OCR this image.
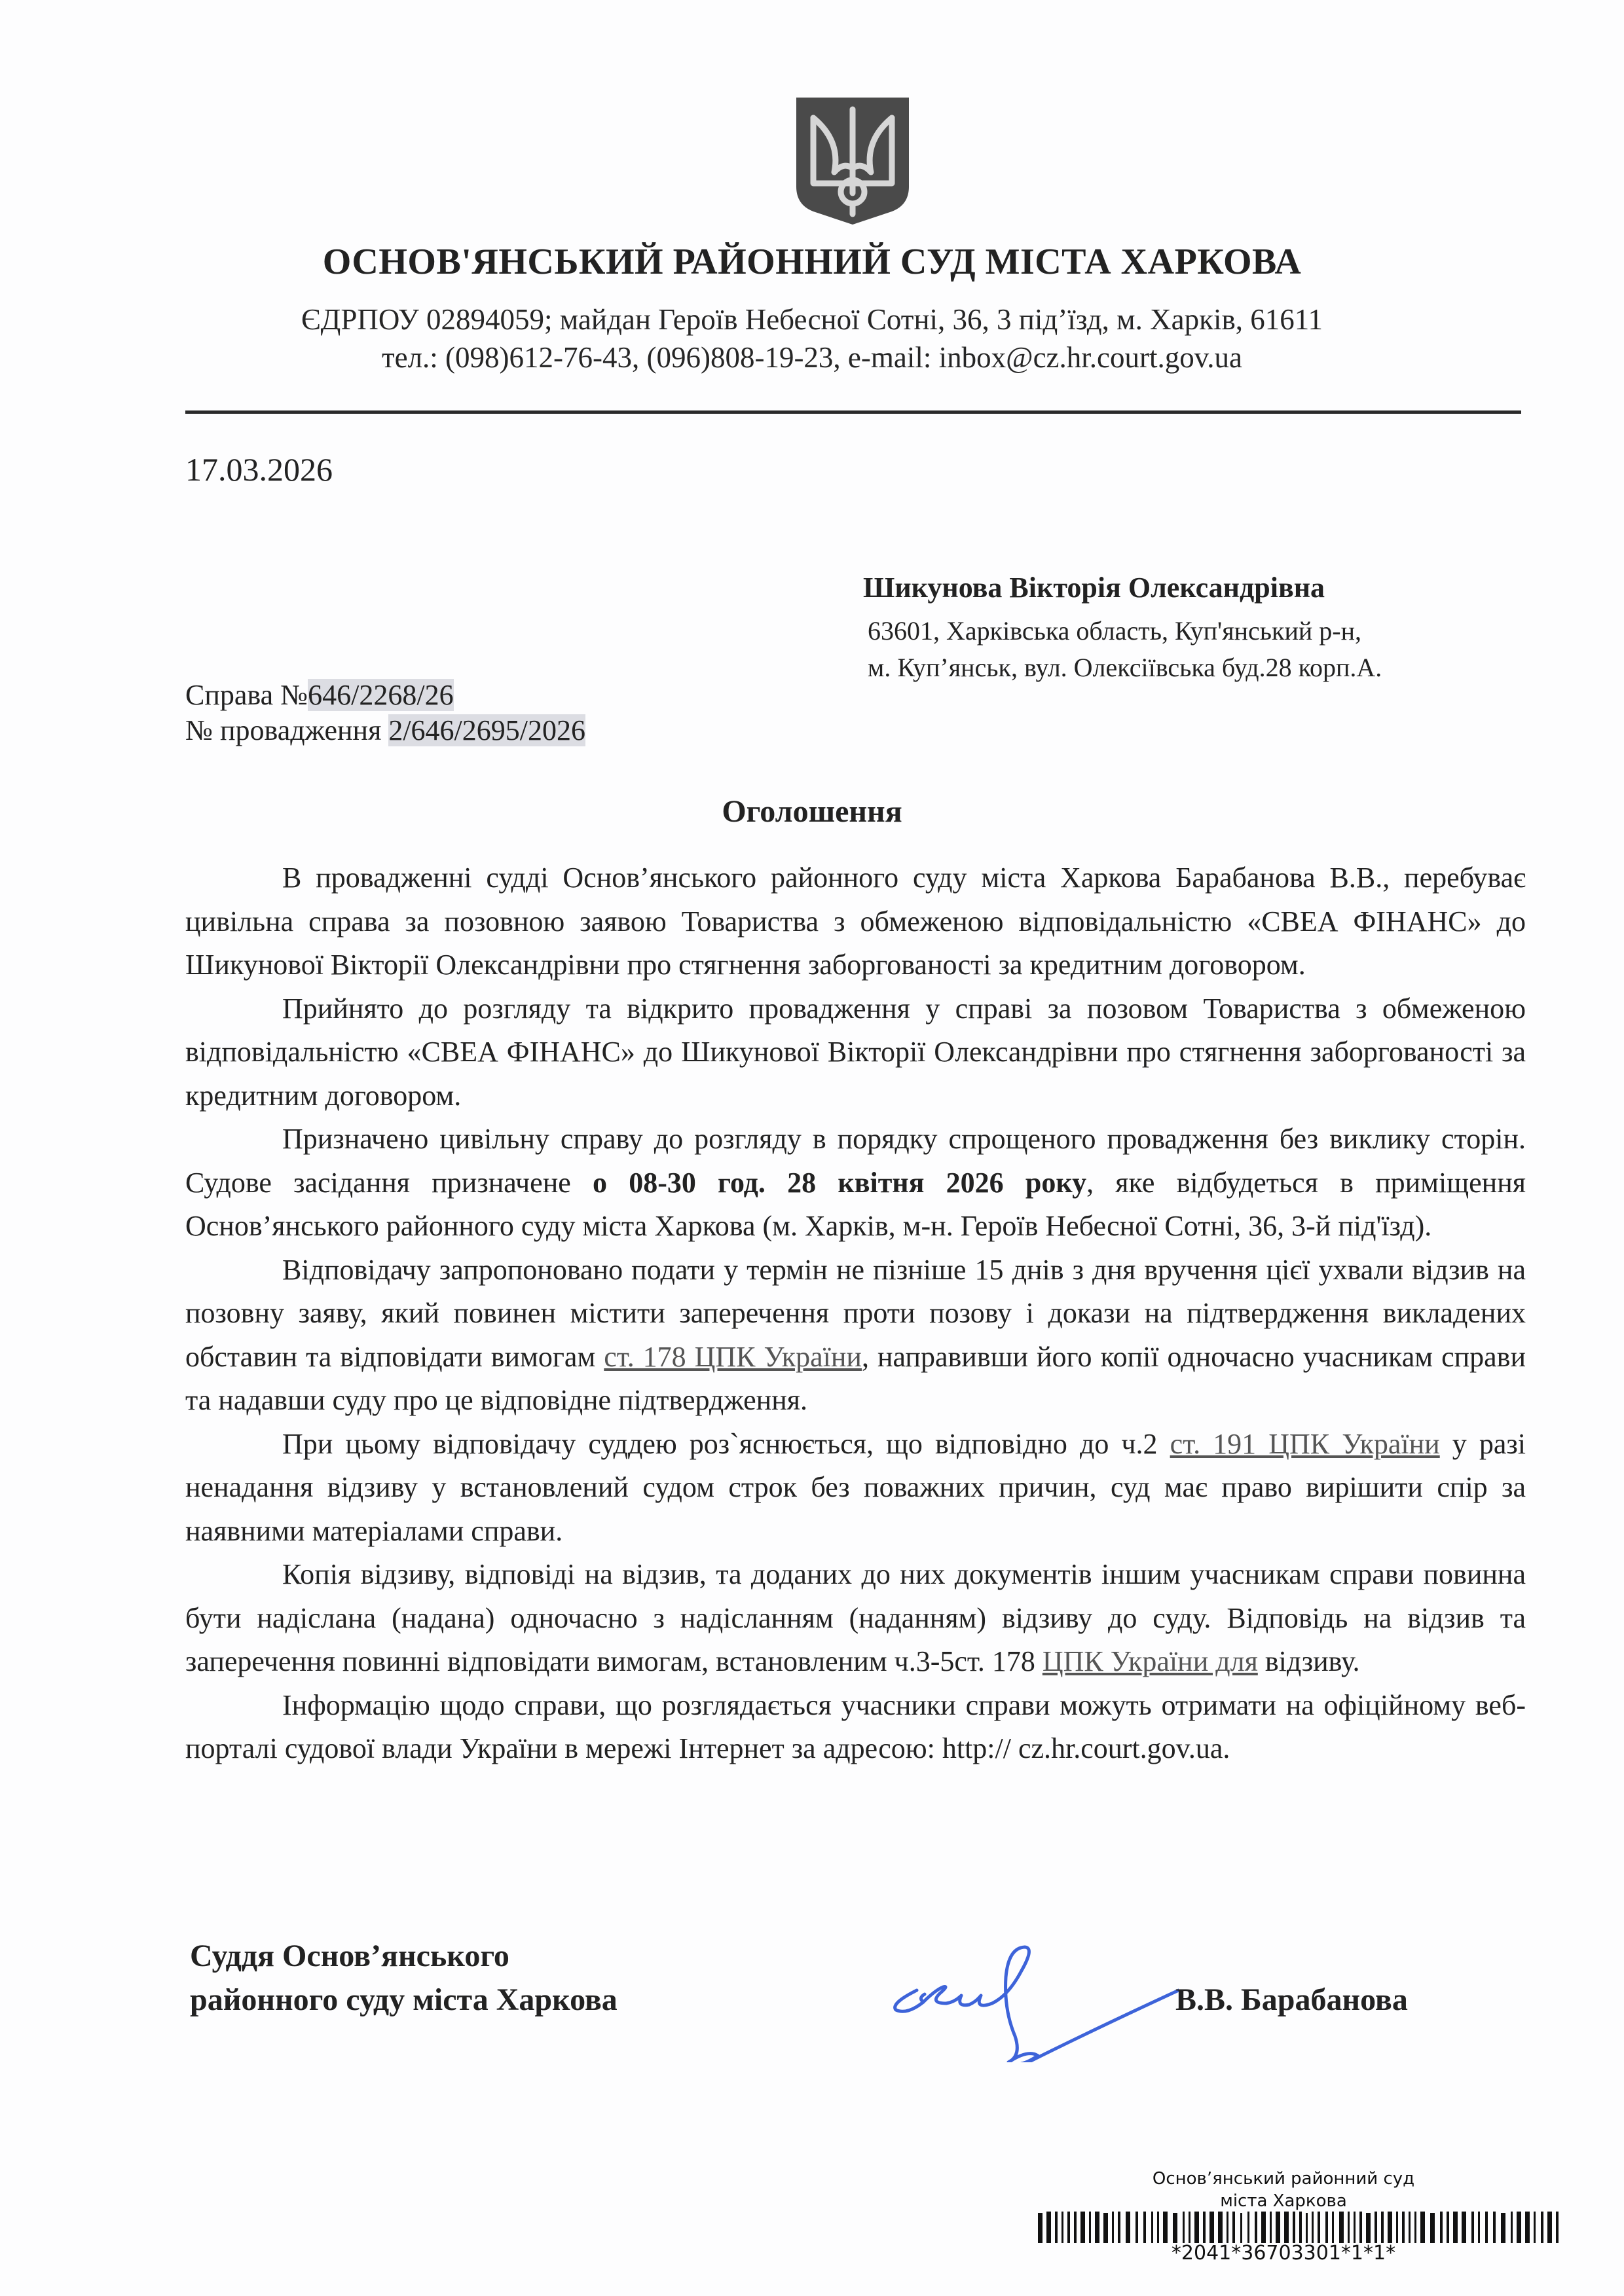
ОСНОВ'ЯНСЬКИЙ РАЙОННИЙ СУД МІСТА ХАРКОВА
ЄДРПОУ 02894059; майдан Героїв Небесної Сотні, 36, 3 під’їзд, м. Харків, 61611
тел.: (098)612-76-43, (096)808-19-23, e-mail: inbox@cz.hr.court.gov.ua
17.03.2026
Шикунова Вікторія Олександрівна
63601, Харківська область, Куп'янський р-н,
м. Куп’янськ, вул. Олексіївська буд.28 корп.А.
Справа №646/2268/26
№ провадження 2/646/2695/2026
Оголошення

В провадженні судді Основ’янського районного суду міста Харкова Барабанова В.В., перебуває цивільна справа за позовною заявою Товариства з обмеженою відповідальністю «СВЕА ФІНАНС» до Шикунової Вікторії Олександрівни про стягнення заборгованості за кредитним договором.

Прийнято до розгляду та відкрито провадження у справі за позовом Товариства з обмеженою відповідальністю «СВЕА ФІНАНС» до Шикунової Вікторії Олександрівни про стягнення заборгованості за кредитним договором.

Призначено цивільну справу до розгляду в порядку спрощеного провадження без виклику сторін. Судове засідання призначене о 08-30 год. 28 квітня 2026 року, яке відбудеться в приміщення Основ’янського районного суду міста Харкова (м. Харків, м-н. Героїв Небесної Сотні, 36, 3-й під'їзд).

Відповідачу запропоновано подати у термін не пізніше 15 днів з дня вручення цієї ухвали відзив на позовну заяву, який повинен містити заперечення проти позову і докази на підтвердження викладених обставин та відповідати вимогам ст. 178 ЦПК України, направивши його копії одночасно учасникам справи та надавши суду про це відповідне підтвердження.

При цьому відповідачу суддею роз`яснюється, що відповідно до ч.2 ст. 191 ЦПК України у разі ненадання відзиву у встановлений судом строк без поважних причин, суд має право вирішити спір за наявними матеріалами справи.

Копія відзиву, відповіді на відзив, та доданих до них документів іншим учасникам справи повинна бути надіслана (надана) одночасно з надісланням (наданням) відзиву до суду. Відповідь на відзив та заперечення повинні відповідати вимогам, встановленим ч.3-5ст. 178 ЦПК України для відзиву.

Інформацію щодо справи, що розглядається учасники справи можуть отримати на офіційному веб-порталі судової влади України в мережі Інтернет за адресою: http:// cz.hr.court.gov.ua.

Суддя Основ’янського
районного суду міста Харкова	В.В. Барабанова
Основ’янський районний суд
міста Харкова
*2041*36703301*1*1*
